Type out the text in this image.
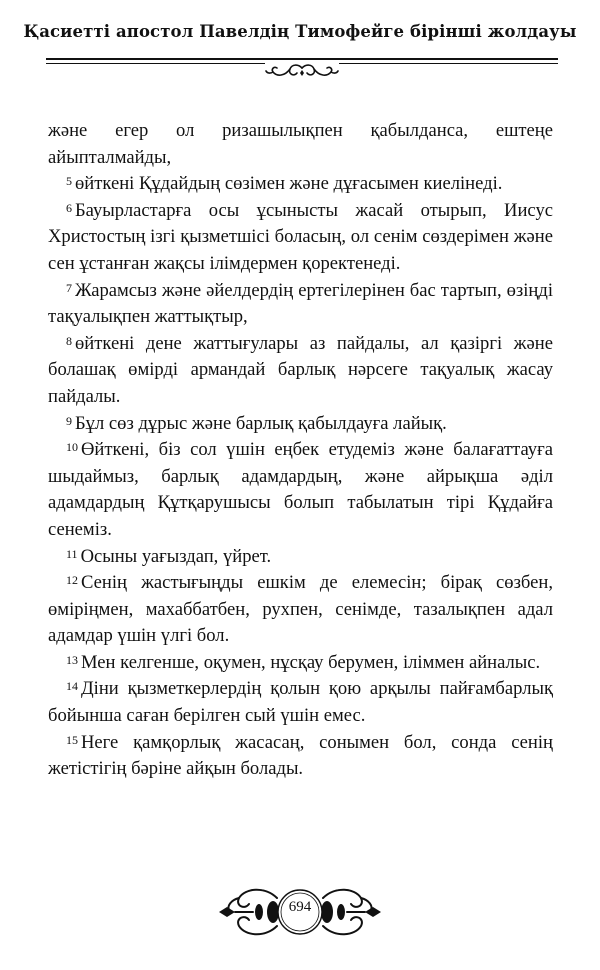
Қасиетті апостол Павелдің Тимофейге бірінші жолдауы

және егер ол ризашылықпен қабылданса, ештеңе айыпталмайды,

$^5$ өйткені Құдайдың сөзімен және дұғасымен киелінеді.

$^6$ Бауырластарға осы ұсынысты жасай отырып, Иисус Христостың ізгі қызметшісі боласың, ол сенім сөздерімен және сен ұстанған жақсы ілімдермен қоректенеді.

$^7$ Жарамсыз және әйелдердің ертегілерінен бас тартып, өзіңді тақуалықпен жаттықтыр,

$^8$ өйткені дене жаттығулары аз пайдалы, ал қазіргі және болашақ өмірді армандай барлық нәрсеге тақуалық жасау пайдалы.

$^9$ Бұл сөз дұрыс және барлық қабылдауға лайық.

$^{10}$ Өйткені, біз сол үшін еңбек етудеміз және балағаттауға шыдаймыз, барлық адамдардың, және айрықша әділ адамдардың Құтқарушысы болып табылатын тірі Құдайға сенеміз.

$^{11}$ Осыны уағыздап, үйрет.

$^{12}$ Сенің жастығыңды ешкім де елемесін; бірақ сөзбен, өміріңмен, махаббатбен, рухпен, сенімде, тазалықпен адал адамдар үшін үлгі бол.

$^{13}$ Мен келгенше, оқумен, нұсқау берумен, іліммен айналыс.

$^{14}$ Діни қызметкерлердің қолын қою арқылы пайғамбарлық бойынша саған берілген сый үшін емес.

$^{15}$ Неге қамқорлық жасасаң, сонымен бол, сонда сенің жетістігің бәріне айқын болады.

694
